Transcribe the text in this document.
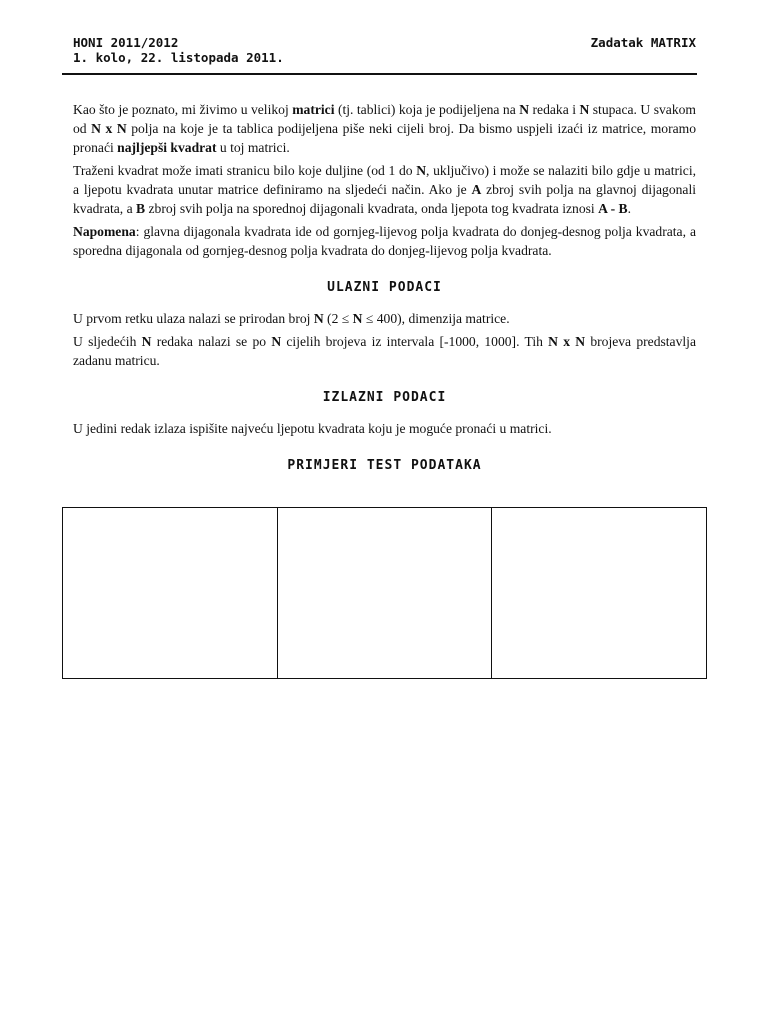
HONI 2011/2012
1. kolo, 22. listopada 2011.
Zadatak MATRIX

Kao što je poznato, mi živimo u velikoj matrici (tj. tablici) koja je podijeljena na N redaka i N stupaca. U svakom od N x N polja na koje je ta tablica podijeljena piše neki cijeli broj. Da bismo uspjeli izaći iz matrice, moramo pronaći najljepši kvadrat u toj matrici.

Traženi kvadrat može imati stranicu bilo koje duljine (od 1 do N, uključivo) i može se nalaziti bilo gdje u matrici, a ljepotu kvadrata unutar matrice definiramo na sljedeći način. Ako je A zbroj svih polja na glavnoj dijagonali kvadrata, a B zbroj svih polja na sporednoj dijagonali kvadrata, onda ljepota tog kvadrata iznosi A - B.

Napomena: glavna dijagonala kvadrata ide od gornjeg-lijevog polja kvadrata do donjeg-desnog polja kvadrata, a sporedna dijagonala od gornjeg-desnog polja kvadrata do donjeg-lijevog polja kvadrata.

ULAZNI PODACI

U prvom retku ulaza nalazi se prirodan broj N (2 ≤ N ≤ 400), dimenzija matrice.

U sljedećih N redaka nalazi se po N cijelih brojeva iz intervala [-1000, 1000]. Tih N x N brojeva predstavlja zadanu matricu.

IZLAZNI PODACI

U jedini redak izlaza ispišite najveću ljepotu kvadrata koju je moguće pronaći u matrici.

PRIMJERI TEST PODATAKA
